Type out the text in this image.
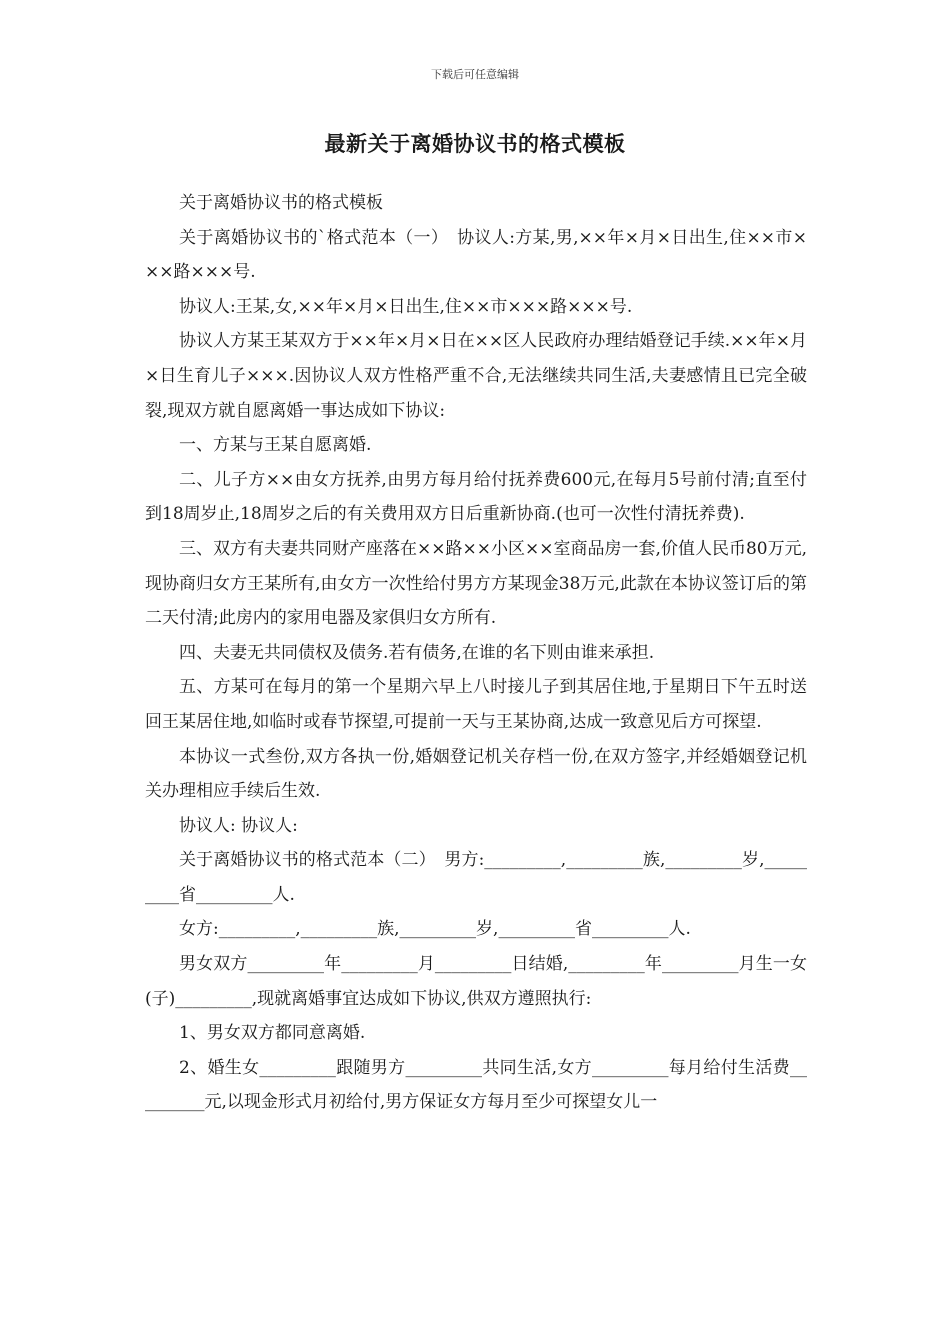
下载后可任意编辑
最新关于离婚协议书的格式模板

关于离婚协议书的格式模板

关于离婚协议书的`格式范本（一）　协议人:方某,男,××年×月×日出生,住××市×××路×××号.

协议人:王某,女,××年×月×日出生,住××市×××路×××号.

协议人方某王某双方于××年×月×日在××区人民政府办理结婚登记手续.××年×月×日生育儿子×××.因协议人双方性格严重不合,无法继续共同生活,夫妻感情且已完全破裂,现双方就自愿离婚一事达成如下协议:

一、方某与王某自愿离婚.

二、儿子方××由女方抚养,由男方每月给付抚养费600元,在每月5号前付清;直至付到18周岁止,18周岁之后的有关费用双方日后重新协商.(也可一次性付清抚养费).

三、双方有夫妻共同财产座落在××路××小区××室商品房一套,价值人民币80万元,现协商归女方王某所有,由女方一次性给付男方方某现金38万元,此款在本协议签订后的第二天付清;此房内的家用电器及家俱归女方所有.

四、夫妻无共同债权及债务.若有债务,在谁的名下则由谁来承担.

五、方某可在每月的第一个星期六早上八时接儿子到其居住地,于星期日下午五时送回王某居住地,如临时或春节探望,可提前一天与王某协商,达成一致意见后方可探望.

本协议一式叁份,双方各执一份,婚姻登记机关存档一份,在双方签字,并经婚姻登记机关办理相应手续后生效.

协议人: 协议人:

关于离婚协议书的格式范本（二）　男方:_________,_________族,_________岁,_________省_________人.

女方:_________,_________族,_________岁,_________省_________人.

男女双方_________年_________月_________日结婚,_________年_________月生一女(子)_________,现就离婚事宜达成如下协议,供双方遵照执行:

1、男女双方都同意离婚.

2、婚生女_________跟随男方_________共同生活,女方_________每月给付生活费_________元,以现金形式月初给付,男方保证女方每月至少可探望女儿一
